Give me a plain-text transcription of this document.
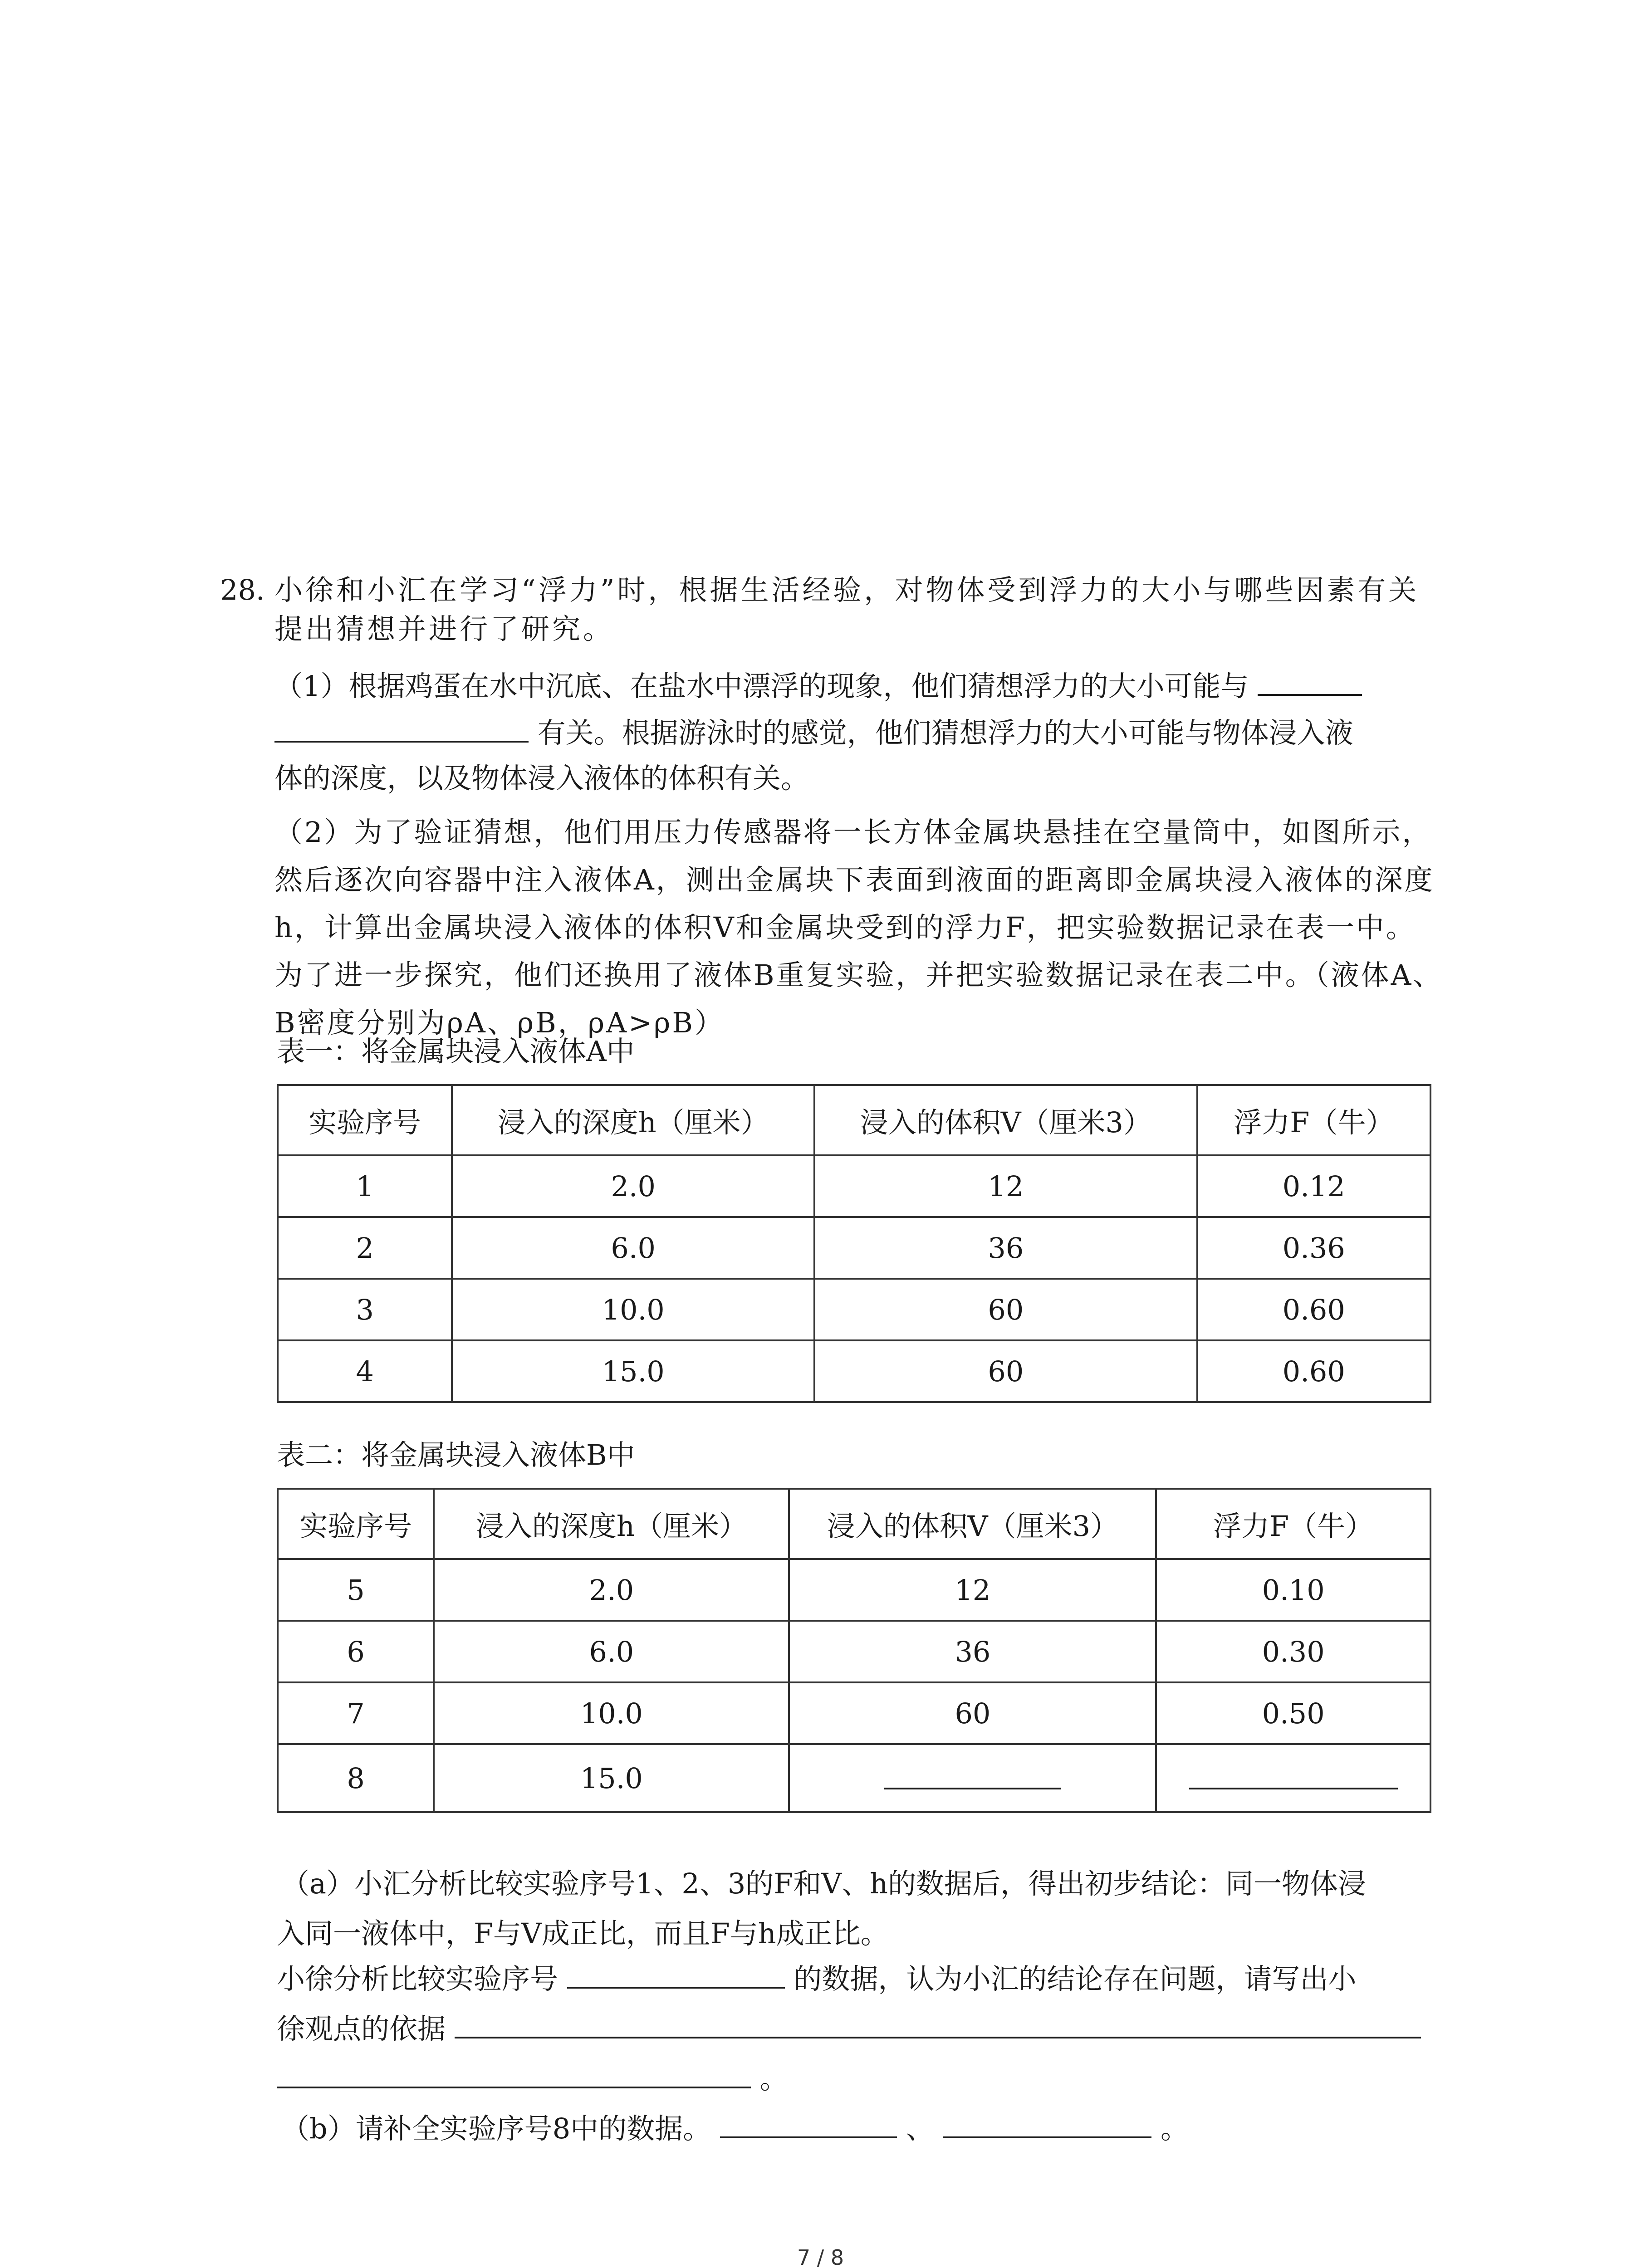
28. 小徐和小汇在学习“浮力”时，根据生活经验，对物体受到浮力的大小与哪些因素有关提出猜想并进行了研究。
（1）根据鸡蛋在水中沉底、在盐水中漂浮的现象，他们猜想浮力的大小可能与
有关。根据游泳时的感觉，他们猜想浮力的大小可能与物体浸入液
体的深度，以及物体浸入液体的体积有关。
（2）为了验证猜想，他们用压力传感器将一长方体金属块悬挂在空量筒中，如图所示，然后逐次向容器中注入液体A，测出金属块下表面到液面的距离即金属块浸入液体的深度h，计算出金属块浸入液体的体积V和金属块受到的浮力F，把实验数据记录在表一中。为了进一步探究，他们还换用了液体B重复实验，并把实验数据记录在表二中。（液体A、B密度分别为ρA、ρB，ρA>ρB）
表一：将金属块浸入液体A中
实验序号	浸入的深度h（厘米）	浸入的体积V（厘米3）	浮力F（牛）
1	2.0	12	0.12
2	6.0	36	0.36
3	10.0	60	0.60
4	15.0	60	0.60
表二：将金属块浸入液体B中
实验序号	浸入的深度h（厘米）	浸入的体积V（厘米3）	浮力F（牛）
5	2.0	12	0.10
6	6.0	36	0.30
7	10.0	60	0.50
8	15.0		
（a）小汇分析比较实验序号1、2、3的F和V、h的数据后，得出初步结论：同一物体浸
入同一液体中，F与V成正比，而且F与h成正比。
小徐分析比较实验序号	的数据，认为小汇的结论存在问题，请写出小
徐观点的依据
。
（b）请补全实验序号8中的数据。	、	。
7 / 8
